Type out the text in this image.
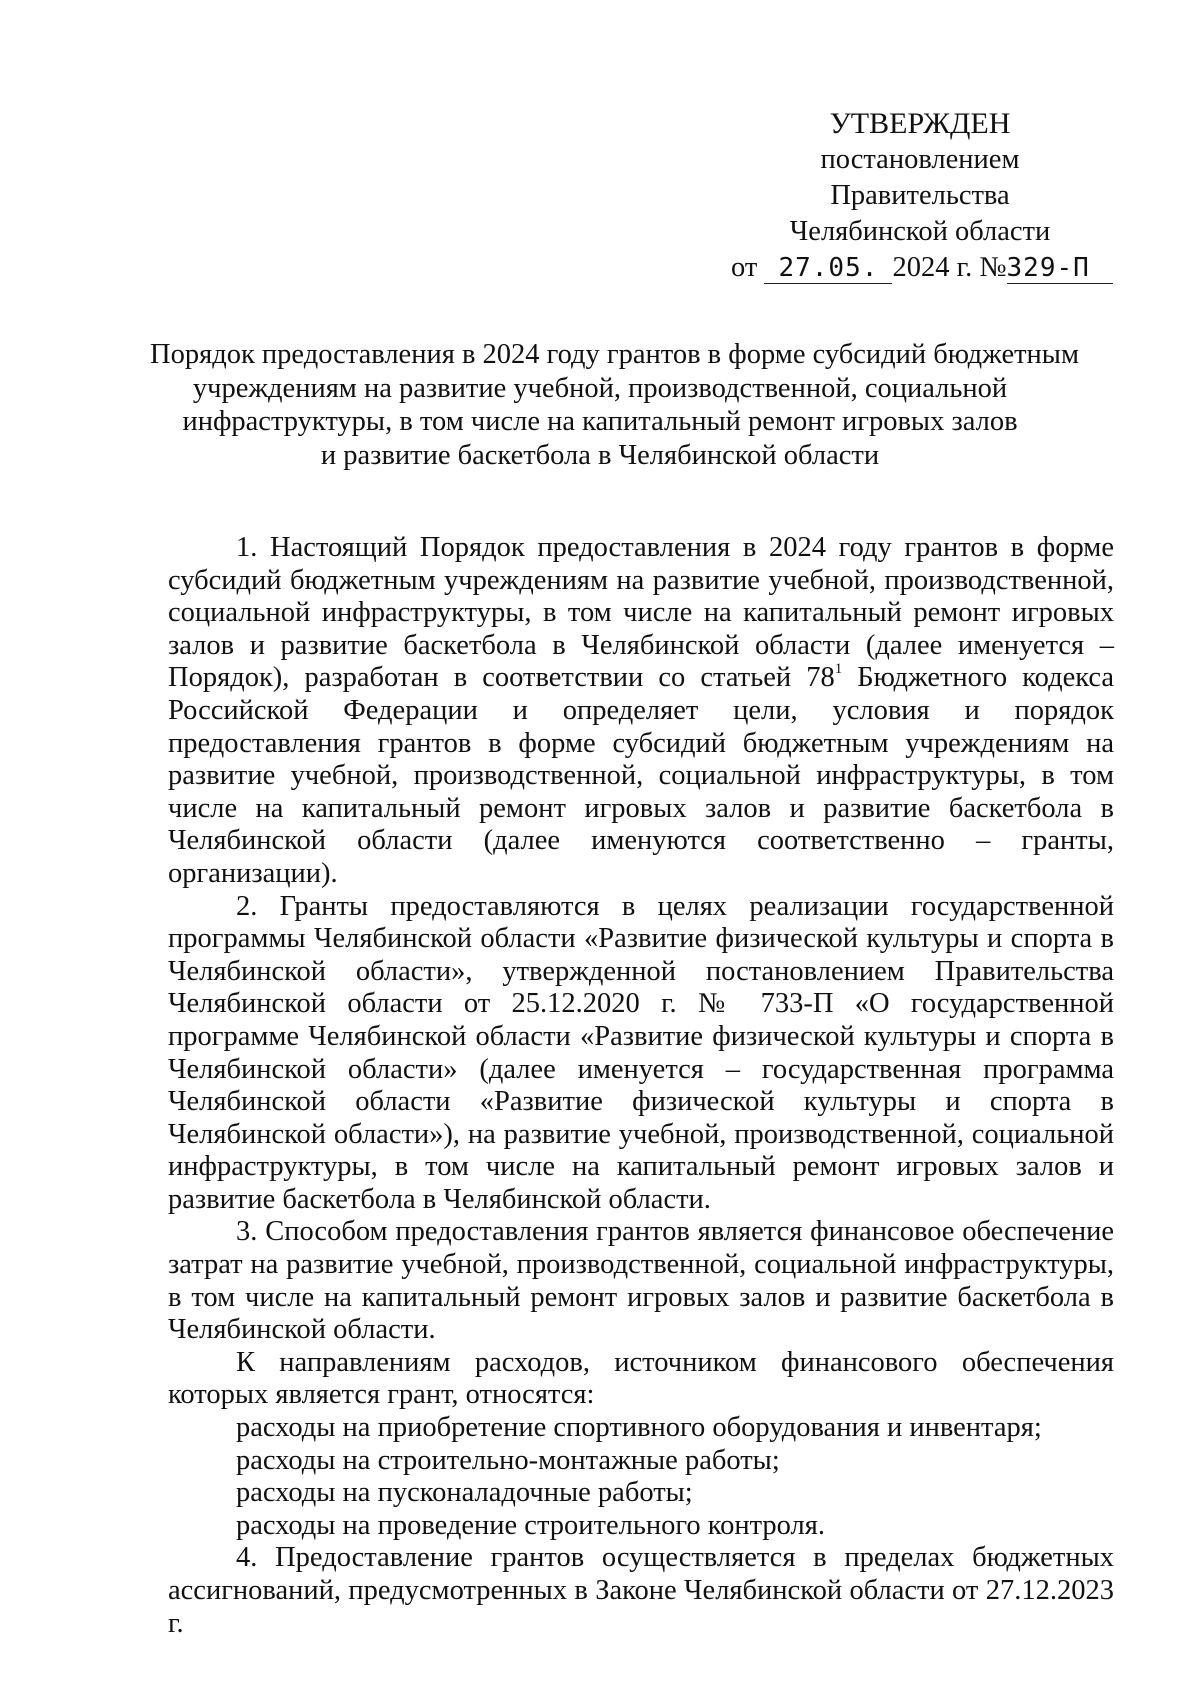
УТВЕРЖДЕН
постановлением Правительства
Челябинской области
от 27.05. 2024 г. №329-П
Порядок предоставления в 2024 году грантов в форме субсидий бюджетным
учреждениям на развитие учебной, производственной, социальной
инфраструктуры, в том числе на капитальный ремонт игровых залов
и развитие баскетбола в Челябинской области

1. Настоящий Порядок предоставления в 2024 году грантов в форме субсидий бюджетным учреждениям на развитие учебной, производственной, социальной инфраструктуры, в том числе на капитальный ремонт игровых залов и развитие баскетбола в Челябинской области (далее именуется – Порядок), разработан в соответствии со статьей $78^1$ Бюджетного кодекса Российской Федерации и определяет цели, условия и порядок предоставления грантов в форме субсидий бюджетным учреждениям на развитие учебной, производственной, социальной инфраструктуры, в том числе на капитальный ремонт игровых залов и развитие баскетбола в Челябинской области (далее именуются соответственно – гранты, организации).

2. Гранты предоставляются в целях реализации государственной программы Челябинской области «Развитие физической культуры и спорта в Челябинской области», утвержденной постановлением Правительства Челябинской области от 25.12.2020 г. № 733-П «О государственной программе Челябинской области «Развитие физической культуры и спорта в Челябинской области» (далее именуется – государственная программа Челябинской области «Развитие физической культуры и спорта в Челябинской области»), на развитие учебной, производственной, социальной инфраструктуры, в том числе на капитальный ремонт игровых залов и развитие баскетбола в Челябинской области.

3. Способом предоставления грантов является финансовое обеспечение затрат на развитие учебной, производственной, социальной инфраструктуры, в том числе на капитальный ремонт игровых залов и развитие баскетбола в Челябинской области.

К направлениям расходов, источником финансового обеспечения которых является грант, относятся:

расходы на приобретение спортивного оборудования и инвентаря;

расходы на строительно-монтажные работы;

расходы на пусконаладочные работы;

расходы на проведение строительного контроля.

4. Предоставление грантов осуществляется в пределах бюджетных ассигнований, предусмотренных в Законе Челябинской области от 27.12.2023 г.
